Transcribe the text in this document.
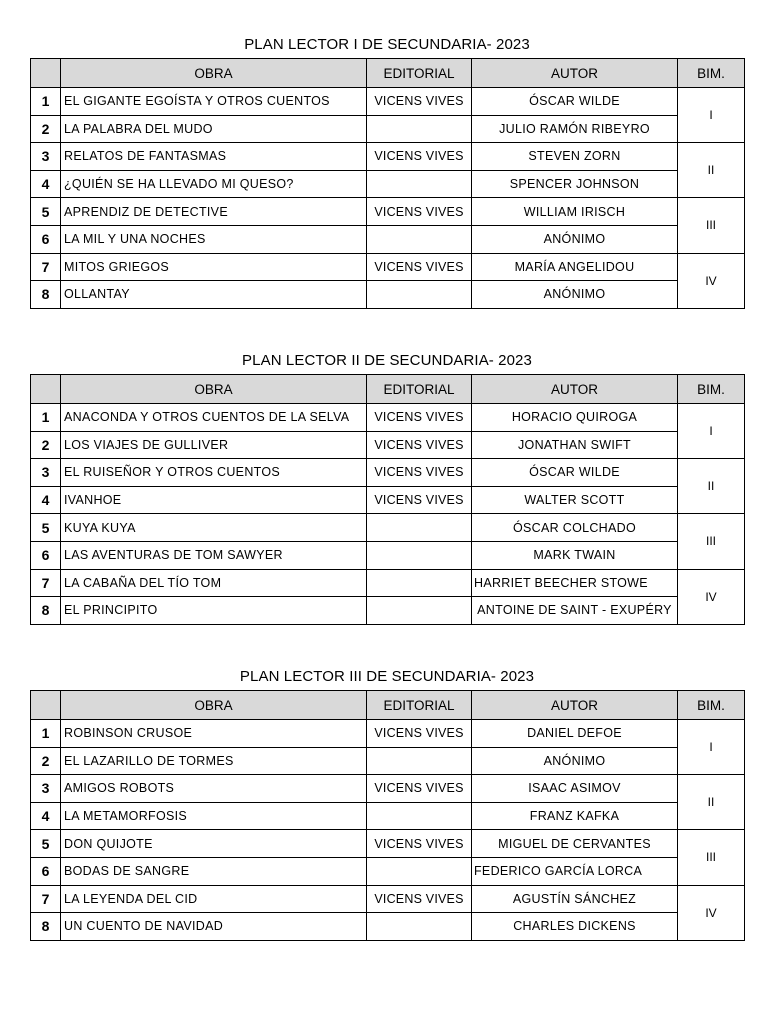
PLAN LECTOR I DE SECUNDARIA- 2023
	OBRA	EDITORIAL	AUTOR	BIM.
1	EL GIGANTE EGOÍSTA Y OTROS CUENTOS	VICENS VIVES	ÓSCAR WILDE	I
2	LA PALABRA DEL MUDO		JULIO RAMÓN RIBEYRO	
3	RELATOS DE FANTASMAS	VICENS VIVES	STEVEN ZORN	II
4	¿QUIÉN SE HA LLEVADO MI QUESO?		SPENCER JOHNSON	
5	APRENDIZ DE DETECTIVE	VICENS VIVES	WILLIAM IRISCH	III
6	LA MIL Y UNA NOCHES		ANÓNIMO	
7	MITOS GRIEGOS	VICENS VIVES	MARÍA ANGELIDOU	IV
8	OLLANTAY		ANÓNIMO	
PLAN LECTOR II DE SECUNDARIA- 2023
	OBRA	EDITORIAL	AUTOR	BIM.
1	ANACONDA Y OTROS CUENTOS DE LA SELVA	VICENS VIVES	HORACIO QUIROGA	I
2	LOS VIAJES DE GULLIVER	VICENS VIVES	JONATHAN SWIFT	
3	EL RUISEÑOR Y OTROS CUENTOS	VICENS VIVES	ÓSCAR WILDE	II
4	IVANHOE	VICENS VIVES	WALTER SCOTT	
5	KUYA KUYA		ÓSCAR COLCHADO	III
6	LAS AVENTURAS DE TOM SAWYER		MARK TWAIN	
7	LA CABAÑA DEL TÍO TOM		HARRIET BEECHER STOWE	IV
8	EL PRINCIPITO		ANTOINE DE SAINT - EXUPÉRY	
PLAN LECTOR III DE SECUNDARIA- 2023
	OBRA	EDITORIAL	AUTOR	BIM.
1	ROBINSON CRUSOE	VICENS VIVES	DANIEL DEFOE	I
2	EL LAZARILLO DE TORMES		ANÓNIMO	
3	AMIGOS ROBOTS	VICENS VIVES	ISAAC ASIMOV	II
4	LA METAMORFOSIS		FRANZ KAFKA	
5	DON QUIJOTE	VICENS VIVES	MIGUEL DE CERVANTES	III
6	BODAS DE SANGRE		FEDERICO GARCÍA LORCA	
7	LA LEYENDA DEL CID	VICENS VIVES	AGUSTÍN SÁNCHEZ	IV
8	UN CUENTO DE NAVIDAD		CHARLES DICKENS	
